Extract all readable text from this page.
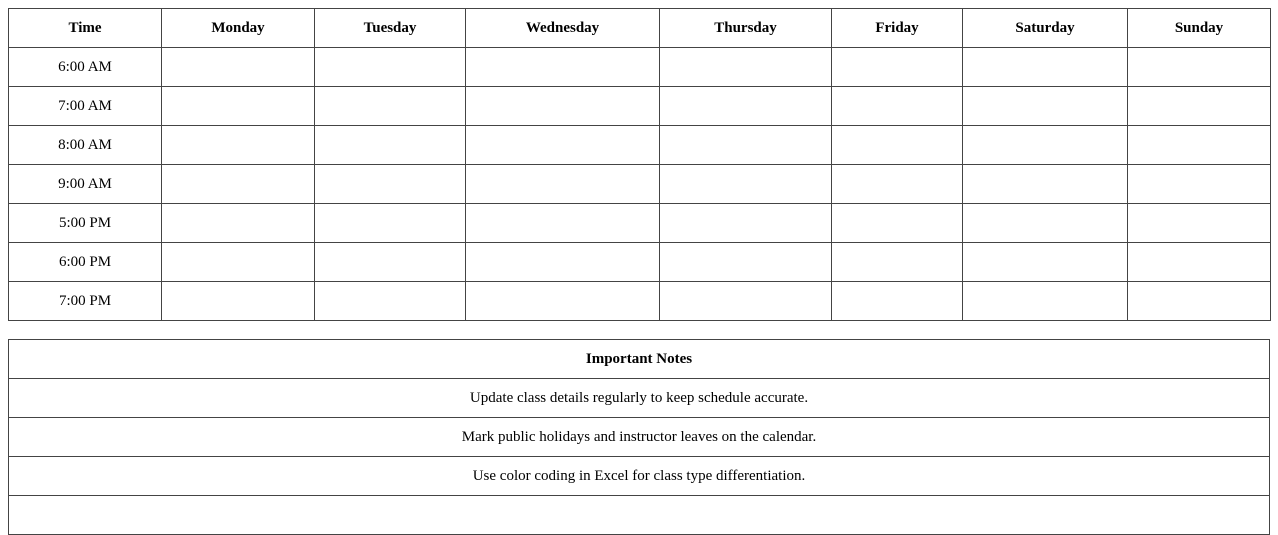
Time	Monday	Tuesday	Wednesday	Thursday	Friday	Saturday	Sunday
6:00 AM							
7:00 AM							
8:00 AM							
9:00 AM							
5:00 PM							
6:00 PM							
7:00 PM							
Important Notes
Update class details regularly to keep schedule accurate.
Mark public holidays and instructor leaves on the calendar.
Use color coding in Excel for class type differentiation.
